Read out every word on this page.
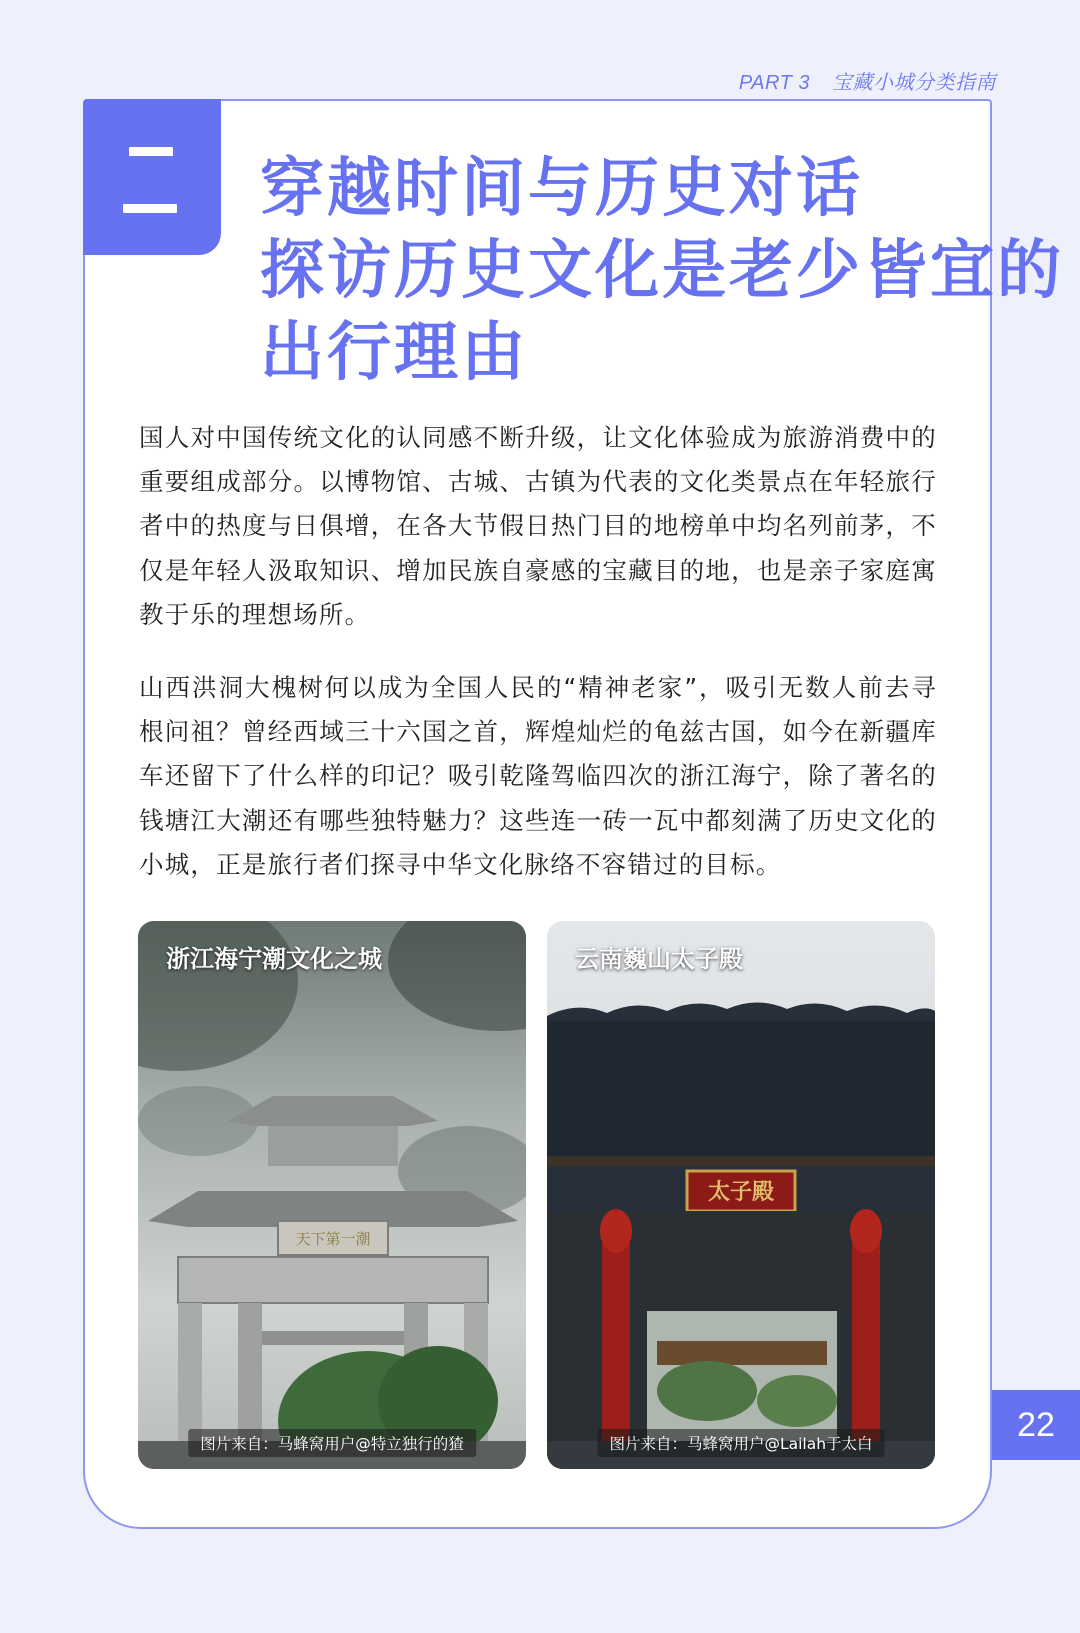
PART 3 宝藏小城分类指南
穿越时间与历史对话
探访历史文化是老少皆宜的
出行理由

国人对中国传统文化的认同感不断升级，让文化体验成为旅游消费中的重要组成部分。以博物馆、古城、古镇为代表的文化类景点在年轻旅行者中的热度与日俱增，在各大节假日热门目的地榜单中均名列前茅，不仅是年轻人汲取知识、增加民族自豪感的宝藏目的地，也是亲子家庭寓教于乐的理想场所。

山西洪洞大槐树何以成为全国人民的“精神老家”，吸引无数人前去寻根问祖？曾经西域三十六国之首，辉煌灿烂的龟兹古国，如今在新疆库车还留下了什么样的印记？吸引乾隆驾临四次的浙江海宁，除了著名的钱塘江大潮还有哪些独特魅力？这些连一砖一瓦中都刻满了历史文化的小城，正是旅行者们探寻中华文化脉络不容错过的目标。

天下第一潮
浙江海宁潮文化之城
图片来自：马蜂窝用户@特立独行的猹
太子殿
云南巍山太子殿
图片来自：马蜂窝用户@Lailah于太白	22
